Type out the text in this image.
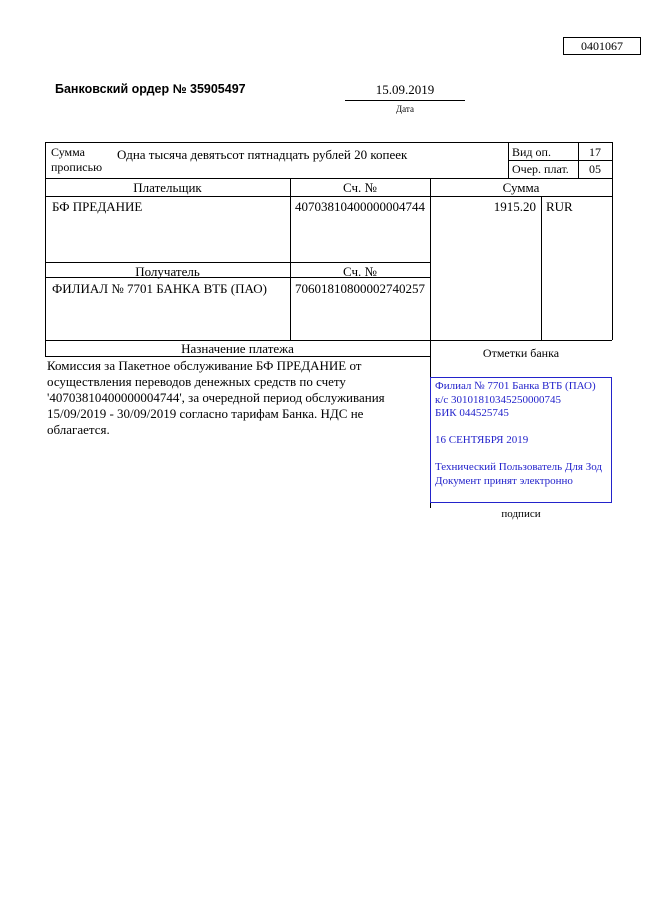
0401067
Банковский ордер № 35905497	15.09.2019
Дата
Сумма
прописью
Одна тысяча девятьсот пятнадцать рублей 20 копеек	Вид оп.	17
Очер. плат.	05
Плательщик	Сч. №	Сумма
БФ ПРЕДАНИЕ	40703810400000004744	1915.20 RUR
Получатель	Сч. №
ФИЛИАЛ № 7701 БАНКА ВТБ (ПАО) 70601810800002740257
Назначение платежа
Комиссия за Пакетное обслуживание БФ ПРЕДАНИЕ от осуществления переводов денежных средств по счету '40703810400000004744', за очередной период обслуживания 15/09/2019 - 30/09/2019 согласно тарифам Банка. НДС не облагается.
Отметки банка
Филиал № 7701 Банка ВТБ (ПАО)
к/с 30101810345250000745
БИК 044525745
16 СЕНТЯБРЯ 2019
Технический Пользователь Для Зод
Документ принят электронно
подписи
